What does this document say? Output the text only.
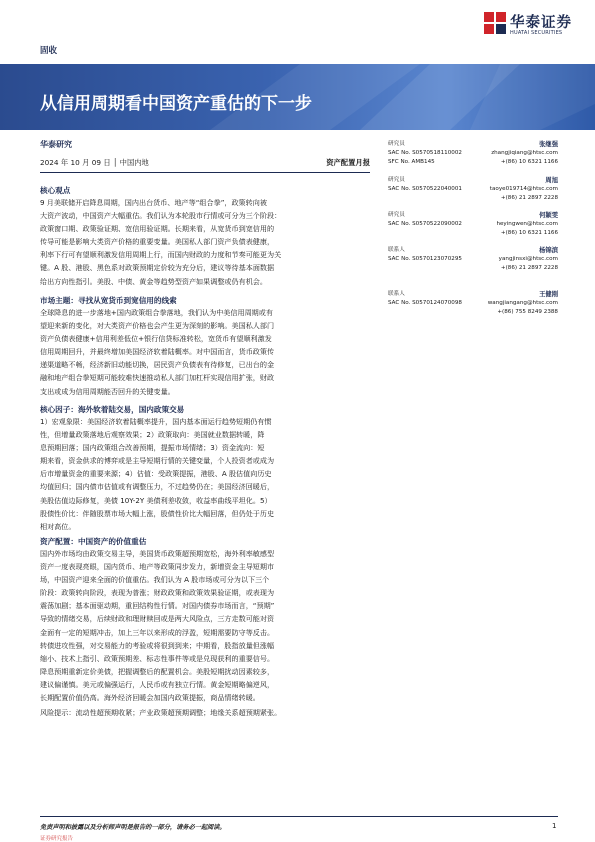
华泰证券
HUATAI SECURITIES
固收
从信用周期看中国资产重估的下一步
华泰研究
2024 年 10 月 09 日 │ 中国内地	资产配置月报
核心观点
9 月美联储开启降息周期，国内出台货币、地产等“组合拳”，政策转向被
大资产波动，中国资产大幅重估。我们认为本轮股市行情或可分为三个阶段：
政策窗口期、政策验证期、宽信用验证期。长期来看，从宽货币到宽信用的
传导可能是影响大类资产价格的重要变量。美国私人部门资产负债表健康，
利率下行可有望顺利激发信用周期上行，而国内财政的力度和节奏可能更为关
键。A 股、港股、黑色系对政策预期定价较为充分后，建议等待基本面数据
给出方向性指引。美股、中债、黄金等趋势型资产如果调整或仍有机会。
市场主题：寻找从宽货币到宽信用的线索
全球降息的进一步落地+国内政策组合拳落地，我们认为中美信用周期或有
望迎来新的变化，对大类资产价格也会产生更为深刻的影响。美国私人部门
资产负债表健康+信用利差低位+银行信贷标准转松，宽货币有望顺利激发
信用周期回升，并最终增加美国经济软着陆概率。对中国而言，货币政策传
递渠道略不畅，经济新旧动能切换，居民资产负债表有待修复，已出台的金
融和地产组合拳短期可能较难快速推动私人部门加杠杆实现信用扩张，财政
支出或成为信用周期能否回升的关键变量。
核心因子：海外软着陆交易，国内政策交易
1）宏观象限：美国经济软着陆概率提升，国内基本面运行趋势短期仍有惯
性，但增量政策落地后观察效果；2）政策取向：美国就业数据转暖，降
息预期回落；国内政策组合改善预期，提振市场情绪；3）资金流向：短
期来看，资金供求的博弈或是主导短期行情的关键变量，个人投资者或成为
后市增量资金的重要来源；4）估值：受政策提振，港股、A 股估值向历史
均值回归；国内债市估值或有调整压力，不过趋势仍在；美国经济回暖后，
美股估值边际修复，美债 10Y-2Y 美债利差收敛，收益率曲线平坦化。5）
股债性价比：伴随股票市场大幅上涨，股债性价比大幅回落，但仍处于历史
相对高位。
资产配置：中国资产的价值重估
国内外市场均由政策交易主导，美国货币政策超预期宽松，海外利率敏感型
资产一度表现亮眼，国内货币、地产等政策同步发力，新增资金主导短期市
场，中国资产迎来全面的价值重估。我们认为 A 股市场或可分为以下三个
阶段：政策转向阶段，表现为普涨；财政政策和政策效果验证期，或表现为
震荡加剧；基本面驱动期，重回结构性行情。对国内债券市场而言，“预期”
导致的情绪交易，后续财政和理财赎回或是两大风险点，三方走数可能对资
金面有一定的短期冲击，加上三年以来形成的浮盈，短期需要防守等反击。
转债进攻性强，对交易能力的考验或将很到到来；中期看，股指放量但涨幅
缩小、技术上指引、政策预期差、标志性事件等或是兑现获利的重要信号。
降息预期重新定价美债，把握调整后的配置机会。美股短期扰动因素较多，
建议偏谨慎。美元或偏强运行，人民币或有独立行情。黄金短期略偏逆风，
长期配置价值仍高。海外经济回暖会加国内政策提振，商品情绪转暖。
风险提示：流动性超预期收紧；产业政策超预期调整；地缘关系超预期紧张。
研究员	张继强
SAC No. S0570518110002	zhangjiqiang@htsc.com
SFC No. AMB145	+(86) 10 6321 1166
研究员	周旭
SAC No. S0570522040001	taoye019714@htsc.com
+(86) 21 2897 2228
研究员	何颖雯
SAC No. S0570522090002	heyingwen@htsc.com
+(86) 10 6321 1166
联系人	杨锦滨
SAC No. S0570123070295	yangjinsxi@htsc.com
+(86) 21 2897 2228
联系人	王健刚
SAC No. S0570124070098	wangjiangang@htsc.com
+(86) 755 8249 2388
免责声明和披露以及分析师声明是报告的一部分，请务必一起阅读。	1
证券研究报告
